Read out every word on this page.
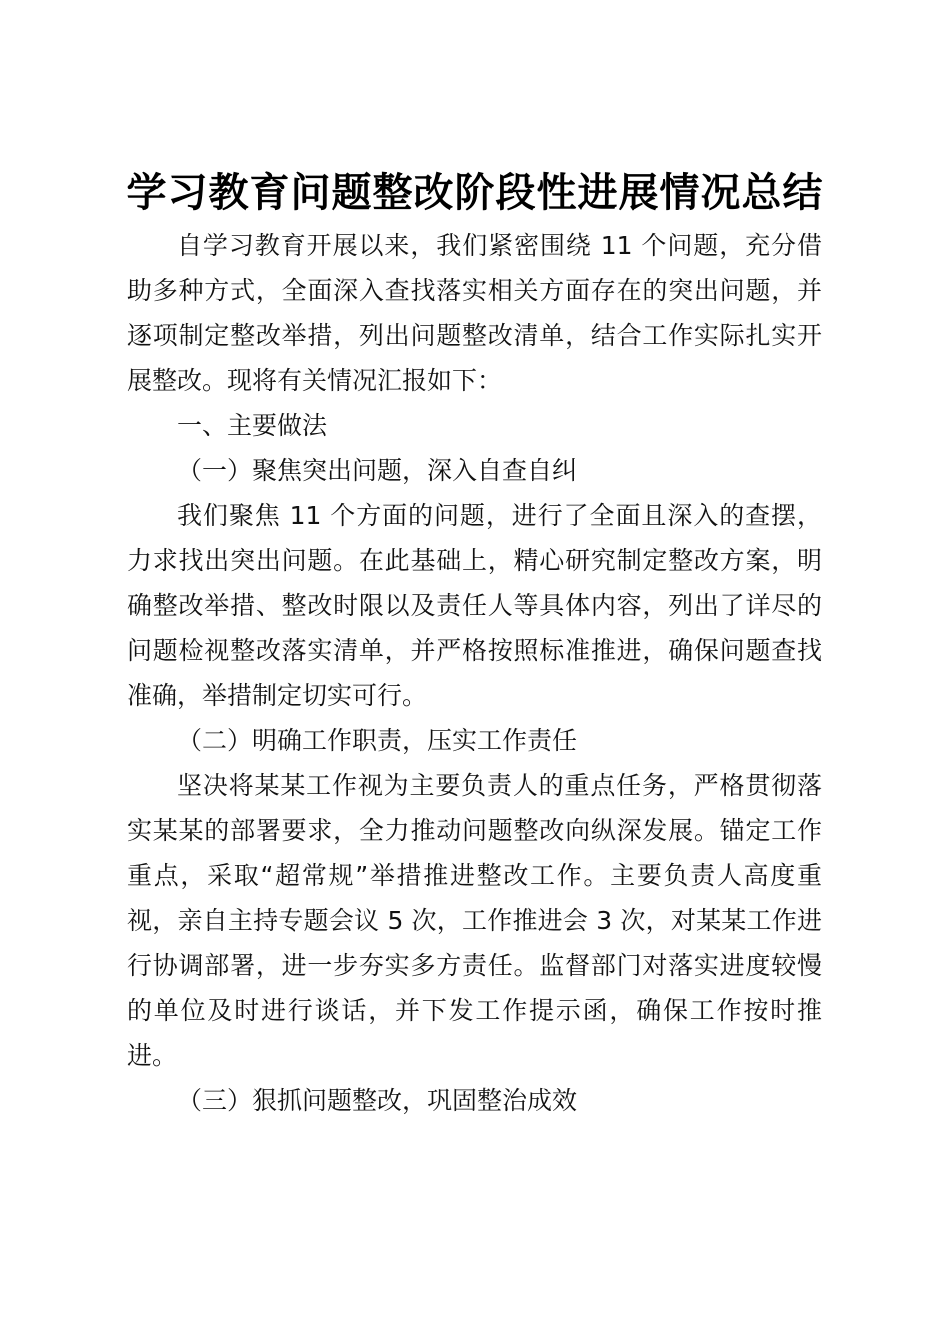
学习教育问题整改阶段性进展情况总结

自学习教育开展以来，我们紧密围绕 11 个问题，充分借助多种方式，全面深入查找落实相关方面存在的突出问题，并逐项制定整改举措，列出问题整改清单，结合工作实际扎实开展整改。现将有关情况汇报如下：

一、主要做法

（一）聚焦突出问题，深入自查自纠

我们聚焦 11 个方面的问题，进行了全面且深入的查摆，力求找出突出问题。在此基础上，精心研究制定整改方案，明确整改举措、整改时限以及责任人等具体内容，列出了详尽的问题检视整改落实清单，并严格按照标准推进，确保问题查找准确，举措制定切实可行。

（二）明确工作职责，压实工作责任

坚决将某某工作视为主要负责人的重点任务，严格贯彻落实某某的部署要求，全力推动问题整改向纵深发展。锚定工作重点，采取“超常规”举措推进整改工作。主要负责人高度重视，亲自主持专题会议 5 次，工作推进会 3 次，对某某工作进行协调部署，进一步夯实多方责任。监督部门对落实进度较慢的单位及时进行谈话，并下发工作提示函，确保工作按时推进。

（三）狠抓问题整改，巩固整治成效
